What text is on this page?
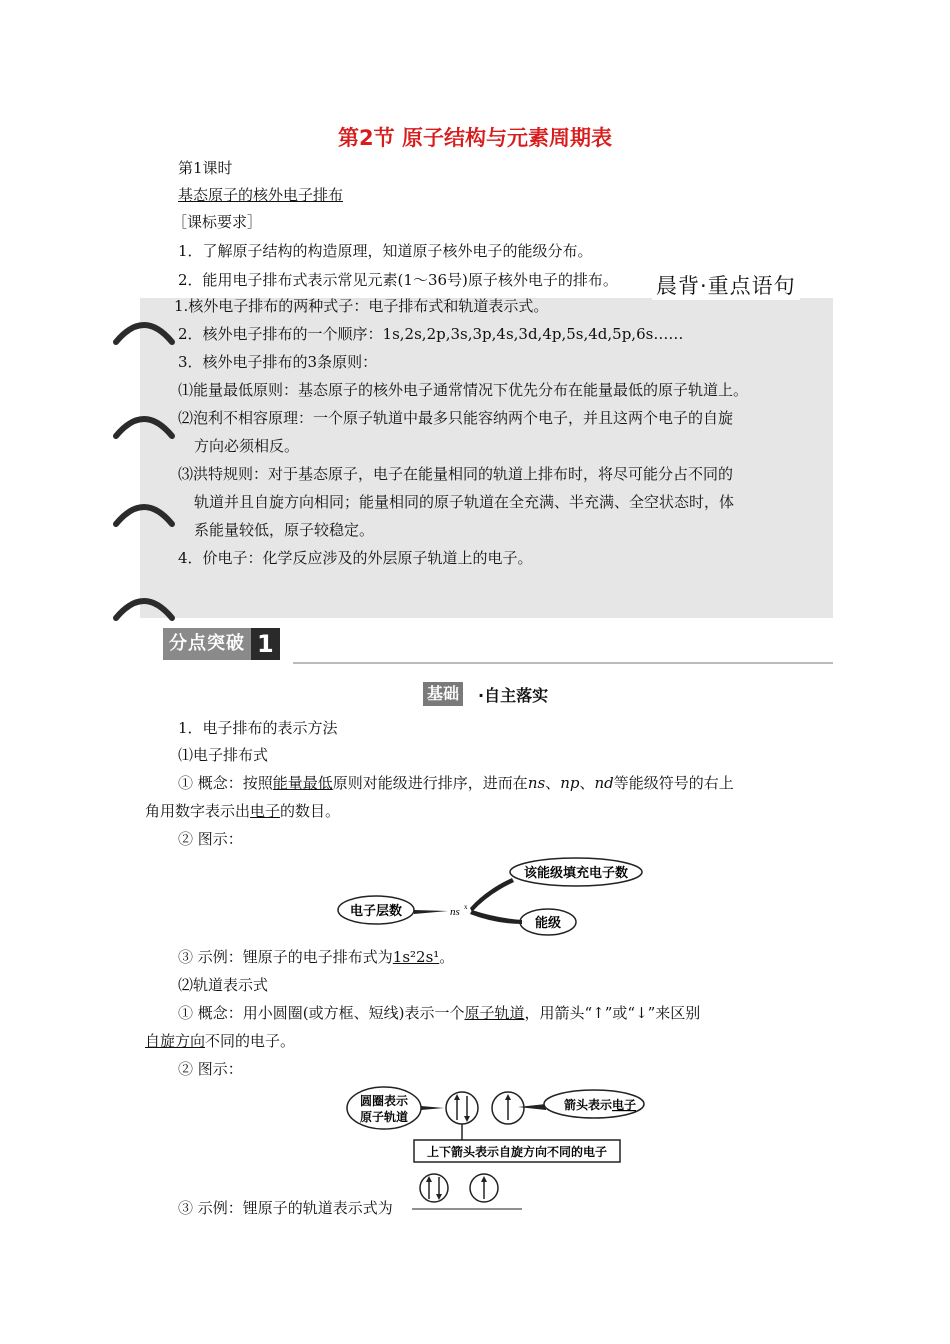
第2节 原子结构与元素周期表
第1课时
基态原子的核外电子排布
［课标要求］
1．了解原子结构的构造原理，知道原子核外电子的能级分布。
2．能用电子排布式表示常见元素(1～36号)原子核外电子的排布。 晨背·重点语句
1.核外电子排布的两种式子：电子排布式和轨道表示式。
2．核外电子排布的一个顺序：1s,2s,2p,3s,3p,4s,3d,4p,5s,4d,5p,6s……
3．核外电子排布的3条原则：
⑴能量最低原则：基态原子的核外电子通常情况下优先分布在能量最低的原子轨道上。
⑵泡利不相容原理：一个原子轨道中最多只能容纳两个电子，并且这两个电子的自旋
方向必须相反。
⑶洪特规则：对于基态原子，电子在能量相同的轨道上排布时，将尽可能分占不同的
轨道并且自旋方向相同；能量相同的原子轨道在全充满、半充满、全空状态时，体
系能量较低，原子较稳定。
4．价电子：化学反应涉及的外层原子轨道上的电子。
分点突破 1
基础 ·自主落实
1．电子排布的表示方法
⑴电子排布式
① 概念：按照能量最低原则对能级进行排序，进而在ns、np、nd等能级符号的右上
角用数字表示出电子的数目。
② 图示：
电子层数
该能级填充电子数
能级
ns x
③ 示例：锂原子的电子排布式为1s²2s¹。
⑵轨道表示式
① 概念：用小圆圈(或方框、短线)表示一个原子轨道，用箭头“↑”或“↓”来区别
自旋方向不同的电子。
② 图示：
圆圈表示
原子轨道
箭头表示电子
上下箭头表示自旋方向不同的电子
③ 示例：锂原子的轨道表示式为
